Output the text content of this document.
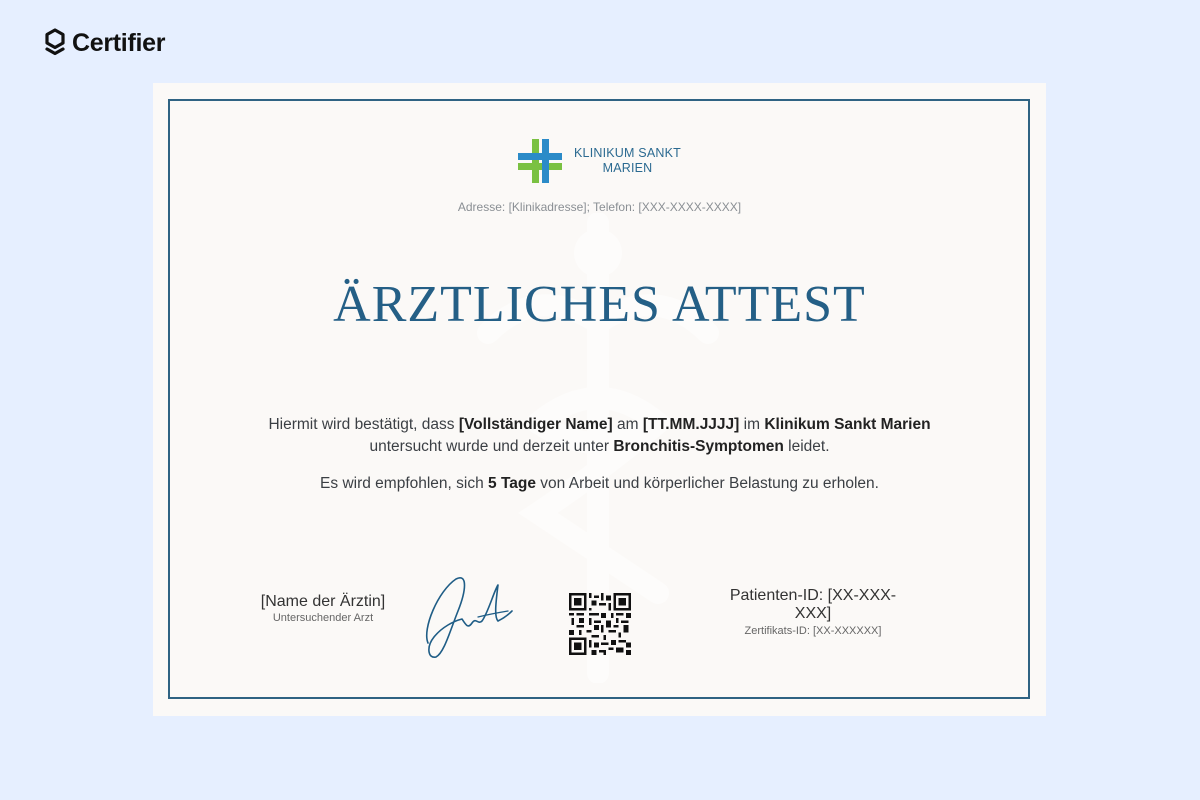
Certifier
KLINIKUM SANKT
MARIEN
Adresse: [Klinikadresse]; Telefon: [XXX-XXXX-XXXX]
ÄRZTLICHES ATTEST

Hiermit wird bestätigt, dass [Vollständiger Name] am [TT.MM.JJJJ] im Klinikum Sankt Marien untersucht wurde und derzeit unter Bronchitis-Symptomen leidet.

Es wird empfohlen, sich 5 Tage von Arbeit und körperlicher Belastung zu erholen.

[Name der Ärztin]
Untersuchender Arzt
Patienten-ID: [XX-XXX-XXX]
Zertifikats-ID: [XX-XXXXXX]
